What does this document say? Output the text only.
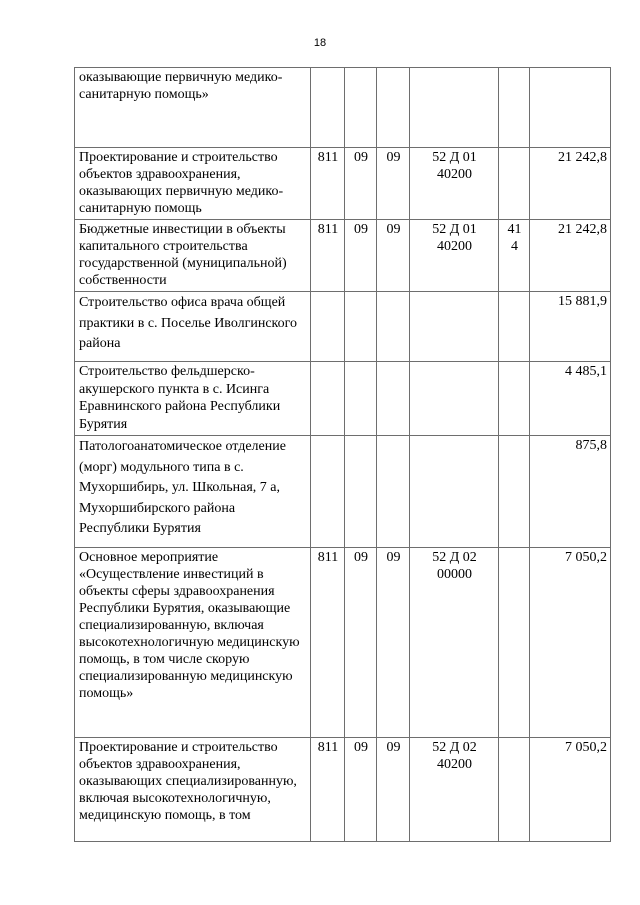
18
оказывающие первичную медико-санитарную помощь»						
Проектирование и строительство объектов здравоохранения, оказывающих первичную медико-санитарную помощь	811	09	09	52 Д 01 40200		21 242,8
Бюджетные инвестиции в объекты капитального строительства государственной (муниципальной) собственности	811	09	09	52 Д 01 40200	41 4	21 242,8
Строительство офиса врача общей практики в с. Поселье Иволгинского района						15 881,9
Строительство фельдшерско-акушерского пункта в с. Исинга Еравнинского района Республики Бурятия						4 485,1
Патологоанатомическое отделение (морг) модульного типа в с. Мухоршибирь, ул. Школьная, 7 а, Мухоршибирского района Республики Бурятия						875,8
Основное мероприятие «Осуществление инвестиций в объекты сферы здравоохранения Республики Бурятия, оказывающие специализированную, включая высокотехнологичную медицинскую помощь, в том числе скорую специализированную медицинскую помощь»	811	09	09	52 Д 02 00000		7 050,2
Проектирование и строительство объектов здравоохранения, оказывающих специализированную, включая высокотехнологичную, медицинскую помощь, в том	811	09	09	52 Д 02 40200		7 050,2
